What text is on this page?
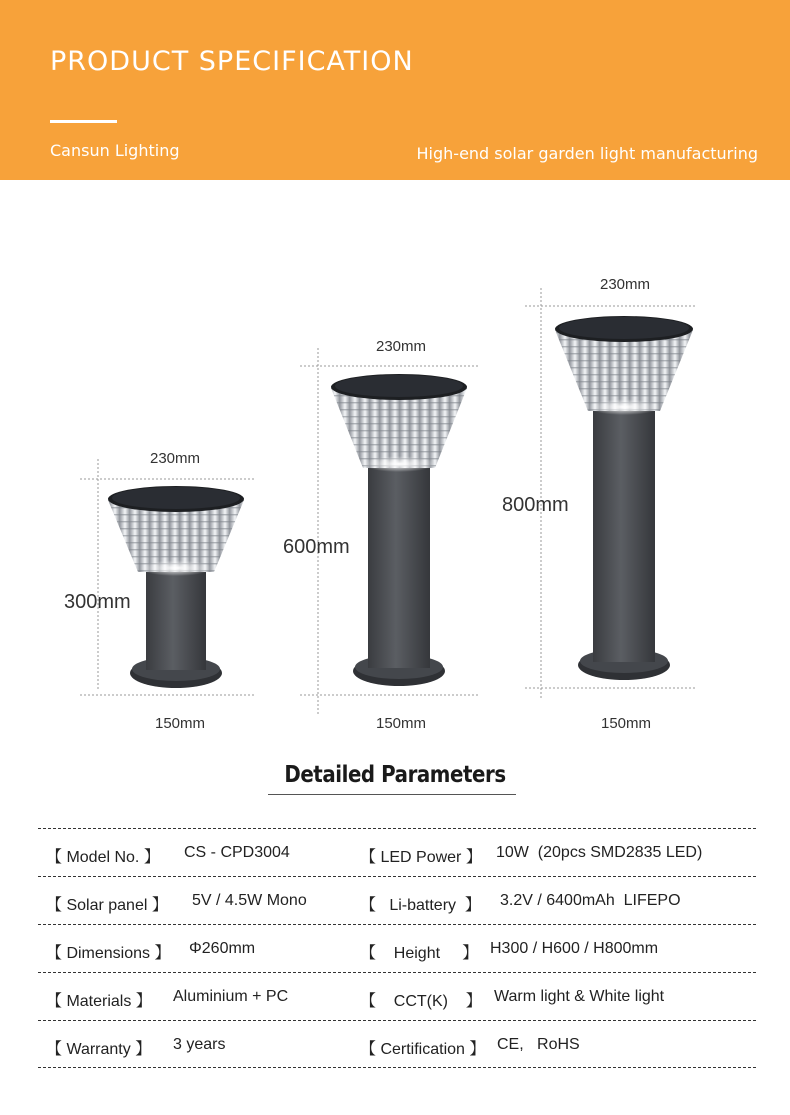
PRODUCT SPECIFICATION
Cansun Lighting	High-end solar garden light manufacturing
300mm
230mm
150mm
600mm
230mm
150mm
800mm
230mm
150mm
Detailed Parameters
【 Model No. 】 CS - CPD3004	【 LED Power 】 10W  (20pcs SMD2835 LED)
【 Solar panel 】 5V / 4.5W Mono	【   Li-battery  】 3.2V / 6400mAh  LIFEPO
【 Dimensions 】 Φ260mm	【    Height     】 H300 / H600 / H800mm
【 Materials 】 Aluminium + PC	【    CCT(K)    】 Warm light & White light
【 Warranty 】 3 years	【 Certification 】 CE,   RoHS
